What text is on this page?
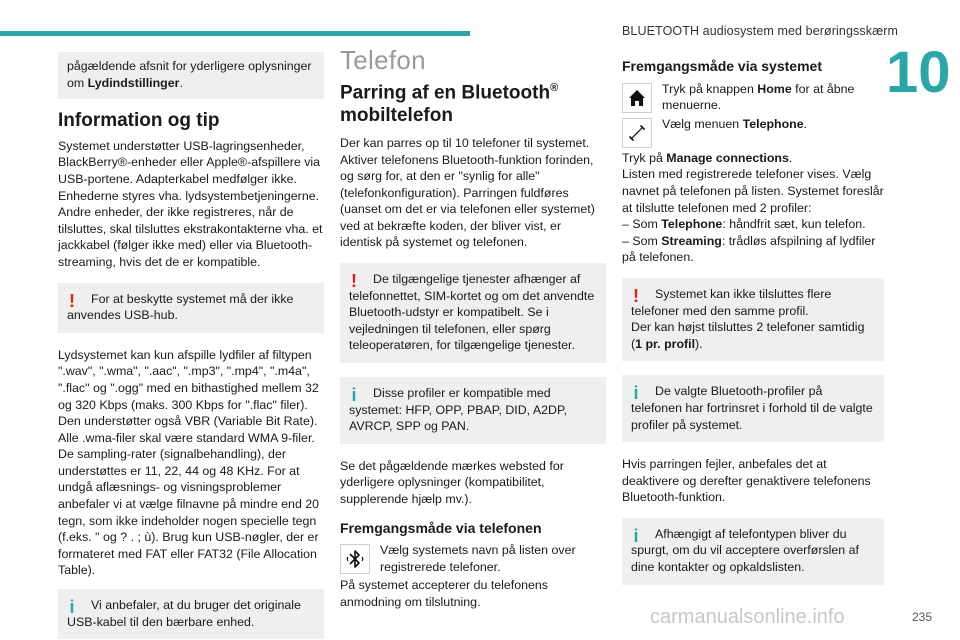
BLUETOOTH audiosystem med berøringsskærm
10
pågældende afsnit for yderligere oplysninger om Lydindstillinger.
Information og tip

Systemet understøtter USB-lagringsenheder, BlackBerry®-enheder eller Apple®-afspillere via USB-portene. Adapterkabel medfølger ikke. Enhederne styres vha. lydsystembetjeningerne. Andre enheder, der ikke registreres, når de tilsluttes, skal tilsluttes ekstrakontakterne vha. et jackkabel (følger ikke med) eller via Bluetooth-streaming, hvis det de er kompatible.

!	For at beskytte systemet må der ikke anvendes USB-hub.

Lydsystemet kan kun afspille lydfiler af filtypen ".wav", ".wma", ".aac", ".mp3", ".mp4", ".m4a", ".flac" og ".ogg" med en bithastighed mellem 32 og 320 Kbps (maks. 300 Kbps for ".flac" filer). Den understøtter også VBR (Variable Bit Rate). Alle .wma-filer skal være standard WMA 9-filer. De sampling-rater (signalbehandling), der understøttes er 11, 22, 44 og 48 KHz. For at undgå aflæsnings- og visningsproblemer anbefaler vi at vælge filnavne på mindre end 20 tegn, som ikke indeholder nogen specielle tegn (f.eks. " og ? . ; ù). Brug kun USB-nøgler, der er formateret med FAT eller FAT32 (File Allocation Table).

i	Vi anbefaler, at du bruger det originale USB-kabel til den bærbare enhed.
Telefon
Parring af en Bluetooth®
mobiltelefon

Der kan parres op til 10 telefoner til systemet. Aktiver telefonens Bluetooth-funktion forinden, og sørg for, at den er "synlig for alle" (telefonkonfiguration). Parringen fuldføres (uanset om det er via telefonen eller systemet) ved at bekræfte koden, der bliver vist, er identisk på systemet og telefonen.

!	De tilgængelige tjenester afhænger af telefonnettet, SIM-kortet og om det anvendte Bluetooth-udstyr er kompatibelt. Se i vejledningen til telefonen, eller spørg teleoperatøren, for tilgængelige tjenester.
i	Disse profiler er kompatible med systemet: HFP, OPP, PBAP, DID, A2DP, AVRCP, SPP og PAN.

Se det pågældende mærkes websted for yderligere oplysninger (kompatibilitet, supplerende hjælp mv.).

Fremgangsmåde via telefonen
Vælg systemets navn på listen over registrerede telefoner.

På systemet accepterer du telefonens anmodning om tilslutning.

Fremgangsmåde via systemet
Tryk på knappen Home for at åbne menuerne.
Vælg menuen Telephone.

Tryk på Manage connections.
Listen med registrerede telefoner vises. Vælg navnet på telefonen på listen. Systemet foreslår at tilslutte telefonen med 2 profiler:

– Som Telephone: håndfrit sæt, kun telefon.

– Som Streaming: trådløs afspilning af lydfiler på telefonen.

!	Systemet kan ikke tilsluttes flere telefoner med den samme profil.
Der kan højst tilsluttes 2 telefoner samtidig (1 pr. profil).
i	De valgte Bluetooth-profiler på telefonen har fortrinsret i forhold til de valgte profiler på systemet.

Hvis parringen fejler, anbefales det at deaktivere og derefter genaktivere telefonens Bluetooth-funktion.

i	Afhængigt af telefontypen bliver du spurgt, om du vil acceptere overførslen af dine kontakter og opkaldslisten.
carmanualsonline.info	235
